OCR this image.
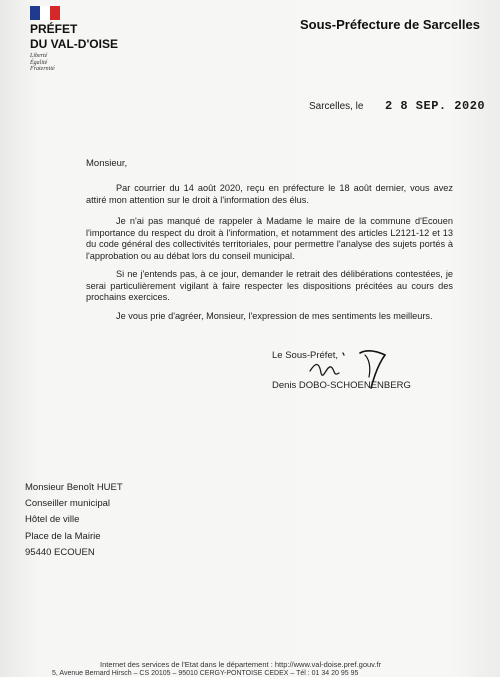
PRÉFET
DU VAL-D'OISE
Liberté
Égalité
Fraternité
Sous-Préfecture de Sarcelles
Sarcelles, le 2 8 SEP. 2020
Monsieur,
Par courrier du 14 août 2020, reçu en préfecture le 18 août dernier, vous avez attiré mon attention sur le droit à l'information des élus.
Je n'ai pas manqué de rappeler à Madame le maire de la commune d'Ecouen l'importance du respect du droit à l'information, et notamment des articles L2121-12 et 13 du code général des collectivités territoriales, pour permettre l'analyse des sujets portés à l'approbation ou au débat lors du conseil municipal.
Si ne j'entends pas, à ce jour, demander le retrait des délibérations contestées, je serai particulièrement vigilant à faire respecter les dispositions précitées au cours des prochains exercices.
Je vous prie d'agréer, Monsieur, l'expression de mes sentiments les meilleurs.
Le Sous-Préfet,
Denis DOBO-SCHOENENBERG
Monsieur Benoît HUET
Conseiller municipal
Hôtel de ville
Place de la Mairie
95440 ECOUEN
Internet des services de l'Etat dans le département : http://www.val-doise.pref.gouv.fr
5, Avenue Bernard Hirsch – CS 20105 – 95010 CERGY-PONTOISE CEDEX – Tél : 01 34 20 95 95
